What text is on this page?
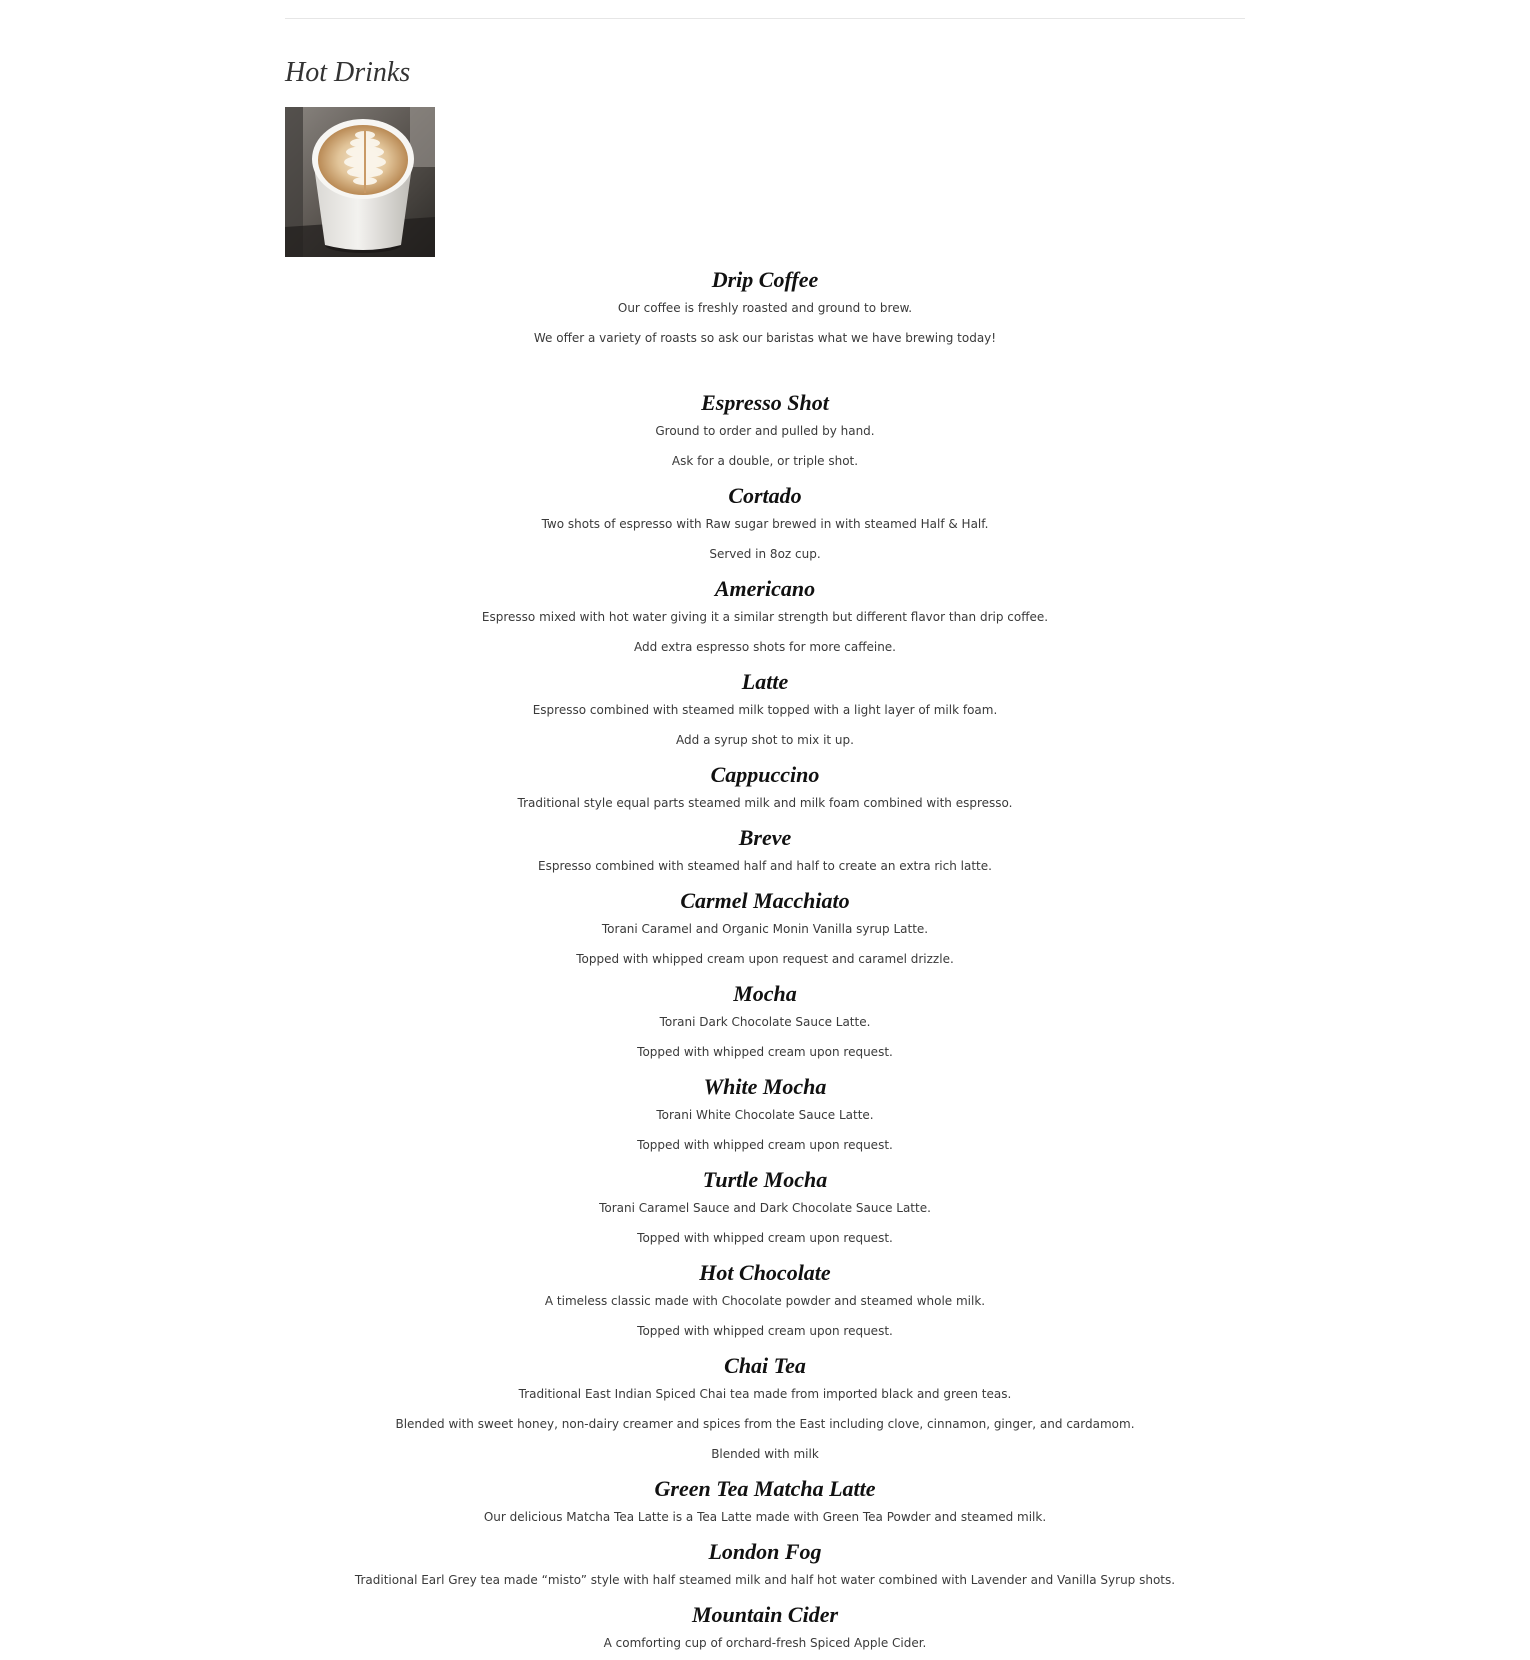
Hot Drinks
Drip Coffee

Our coffee is freshly roasted and ground to brew.

We offer a variety of roasts so ask our baristas what we have brewing today!

Espresso Shot

Ground to order and pulled by hand.

Ask for a double, or triple shot.

Cortado

Two shots of espresso with Raw sugar brewed in with steamed Half & Half.

Served in 8oz cup.

Americano

Espresso mixed with hot water giving it a similar strength but different flavor than drip coffee.

Add extra espresso shots for more caffeine.

Latte

Espresso combined with steamed milk topped with a light layer of milk foam.

Add a syrup shot to mix it up.

Cappuccino

Traditional style equal parts steamed milk and milk foam combined with espresso.

Breve

Espresso combined with steamed half and half to create an extra rich latte.

Carmel Macchiato

Torani Caramel and Organic Monin Vanilla syrup Latte.

Topped with whipped cream upon request and caramel drizzle.

Mocha

Torani Dark Chocolate Sauce Latte.

Topped with whipped cream upon request.

White Mocha

Torani White Chocolate Sauce Latte.

Topped with whipped cream upon request.

Turtle Mocha

Torani Caramel Sauce and Dark Chocolate Sauce Latte.

Topped with whipped cream upon request.

Hot Chocolate

A timeless classic made with Chocolate powder and steamed whole milk.

Topped with whipped cream upon request.

Chai Tea

Traditional East Indian Spiced Chai tea made from imported black and green teas.

Blended with sweet honey, non-dairy creamer and spices from the East including clove, cinnamon, ginger, and cardamom.

Blended with milk

Green Tea Matcha Latte

Our delicious Matcha Tea Latte is a Tea Latte made with Green Tea Powder and steamed milk.

London Fog

Traditional Earl Grey tea made “misto” style with half steamed milk and half hot water combined with Lavender and Vanilla Syrup shots.

Mountain Cider

A comforting cup of orchard-fresh Spiced Apple Cider.
